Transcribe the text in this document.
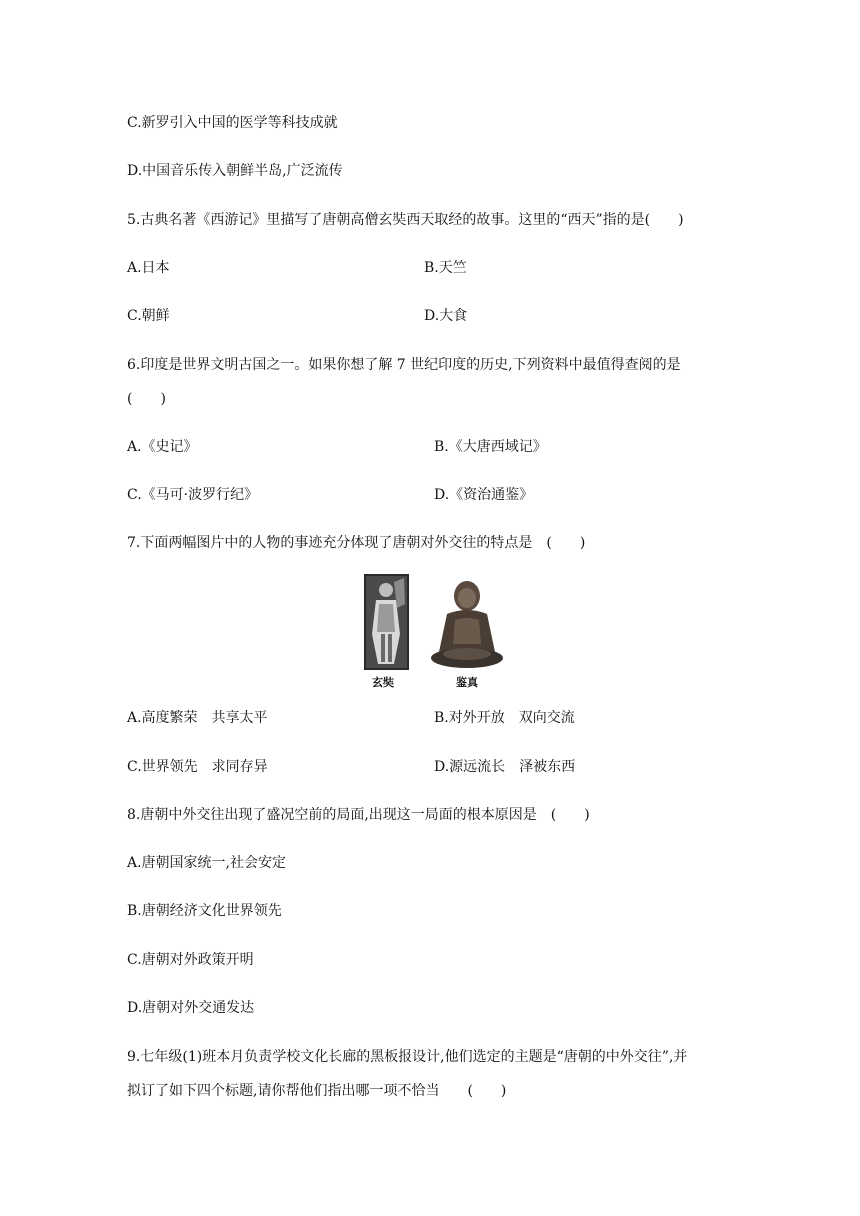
C.新罗引入中国的医学等科技成就
D.中国音乐传入朝鲜半岛,广泛流传
5.古典名著《西游记》里描写了唐朝高僧玄奘西天取经的故事。这里的“西天”指的是(　　)
A.日本	B.天竺
C.朝鲜	D.大食
6.印度是世界文明古国之一。如果你想了解 7 世纪印度的历史,下列资料中最值得查阅的是
(　　)
A.《史记》	B.《大唐西域记》
C.《马可·波罗行纪》	D.《资治通鉴》
7.下面两幅图片中的人物的事迹充分体现了唐朝对外交往的特点是　(　　)
玄奘	鉴真
A.高度繁荣　共享太平	B.对外开放　双向交流
C.世界领先　求同存异	D.源远流长　泽被东西
8.唐朝中外交往出现了盛况空前的局面,出现这一局面的根本原因是　(　　)
A.唐朝国家统一,社会安定
B.唐朝经济文化世界领先
C.唐朝对外政策开明
D.唐朝对外交通发达
9.七年级(1)班本月负责学校文化长廊的黑板报设计,他们选定的主题是“唐朝的中外交往”,并
拟订了如下四个标题,请你帮他们指出哪一项不恰当　　(　　)
